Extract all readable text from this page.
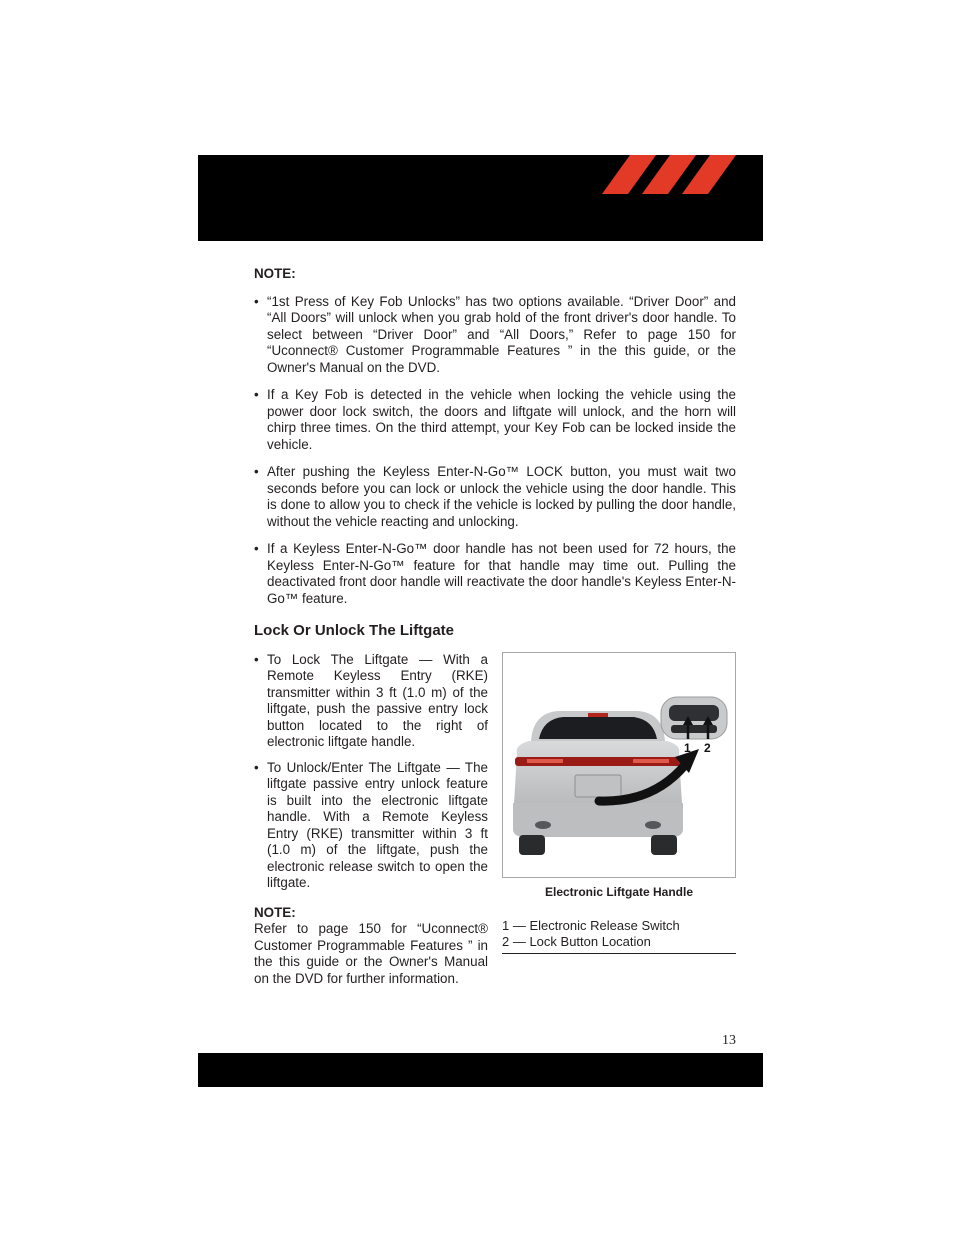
NOTE:

• “1st Press of Key Fob Unlocks” has two options available. “Driver Door” and “All Doors” will unlock when you grab hold of the front driver's door handle. To select between “Driver Door” and “All Doors,” Refer to page 150 for “Uconnect® Customer Programmable Features ” in the this guide, or the Owner's Manual on the DVD.
• If a Key Fob is detected in the vehicle when locking the vehicle using the power door lock switch, the doors and liftgate will unlock, and the horn will chirp three times. On the third attempt, your Key Fob can be locked inside the vehicle.
• After pushing the Keyless Enter-N-Go™ LOCK button, you must wait two seconds before you can lock or unlock the vehicle using the door handle. This is done to allow you to check if the vehicle is locked by pulling the door handle, without the vehicle reacting and unlocking.
• If a Keyless Enter-N-Go™ door handle has not been used for 72 hours, the Keyless Enter-N-Go™ feature for that handle may time out. Pulling the deactivated front door handle will reactivate the door handle's Keyless Enter-N-Go™ feature.
Lock Or Unlock The Liftgate
• To Lock The Liftgate — With a Remote Keyless Entry (RKE) transmitter within 3 ft (1.0 m) of the liftgate, push the passive entry lock button located to the right of electronic liftgate handle.
• To Unlock/Enter The Liftgate — The liftgate passive entry unlock feature is built into the electronic liftgate handle. With a Remote Keyless Entry (RKE) transmitter within 3 ft (1.0 m) of the liftgate, push the electronic release switch to open the liftgate.

NOTE:

Refer to page 150 for “Uconnect® Customer Programmable Features ” in the this guide or the Owner's Manual on the DVD for further information.

1 2
Electronic Liftgate Handle
1 — Electronic Release Switch
2 — Lock Button Location
13
